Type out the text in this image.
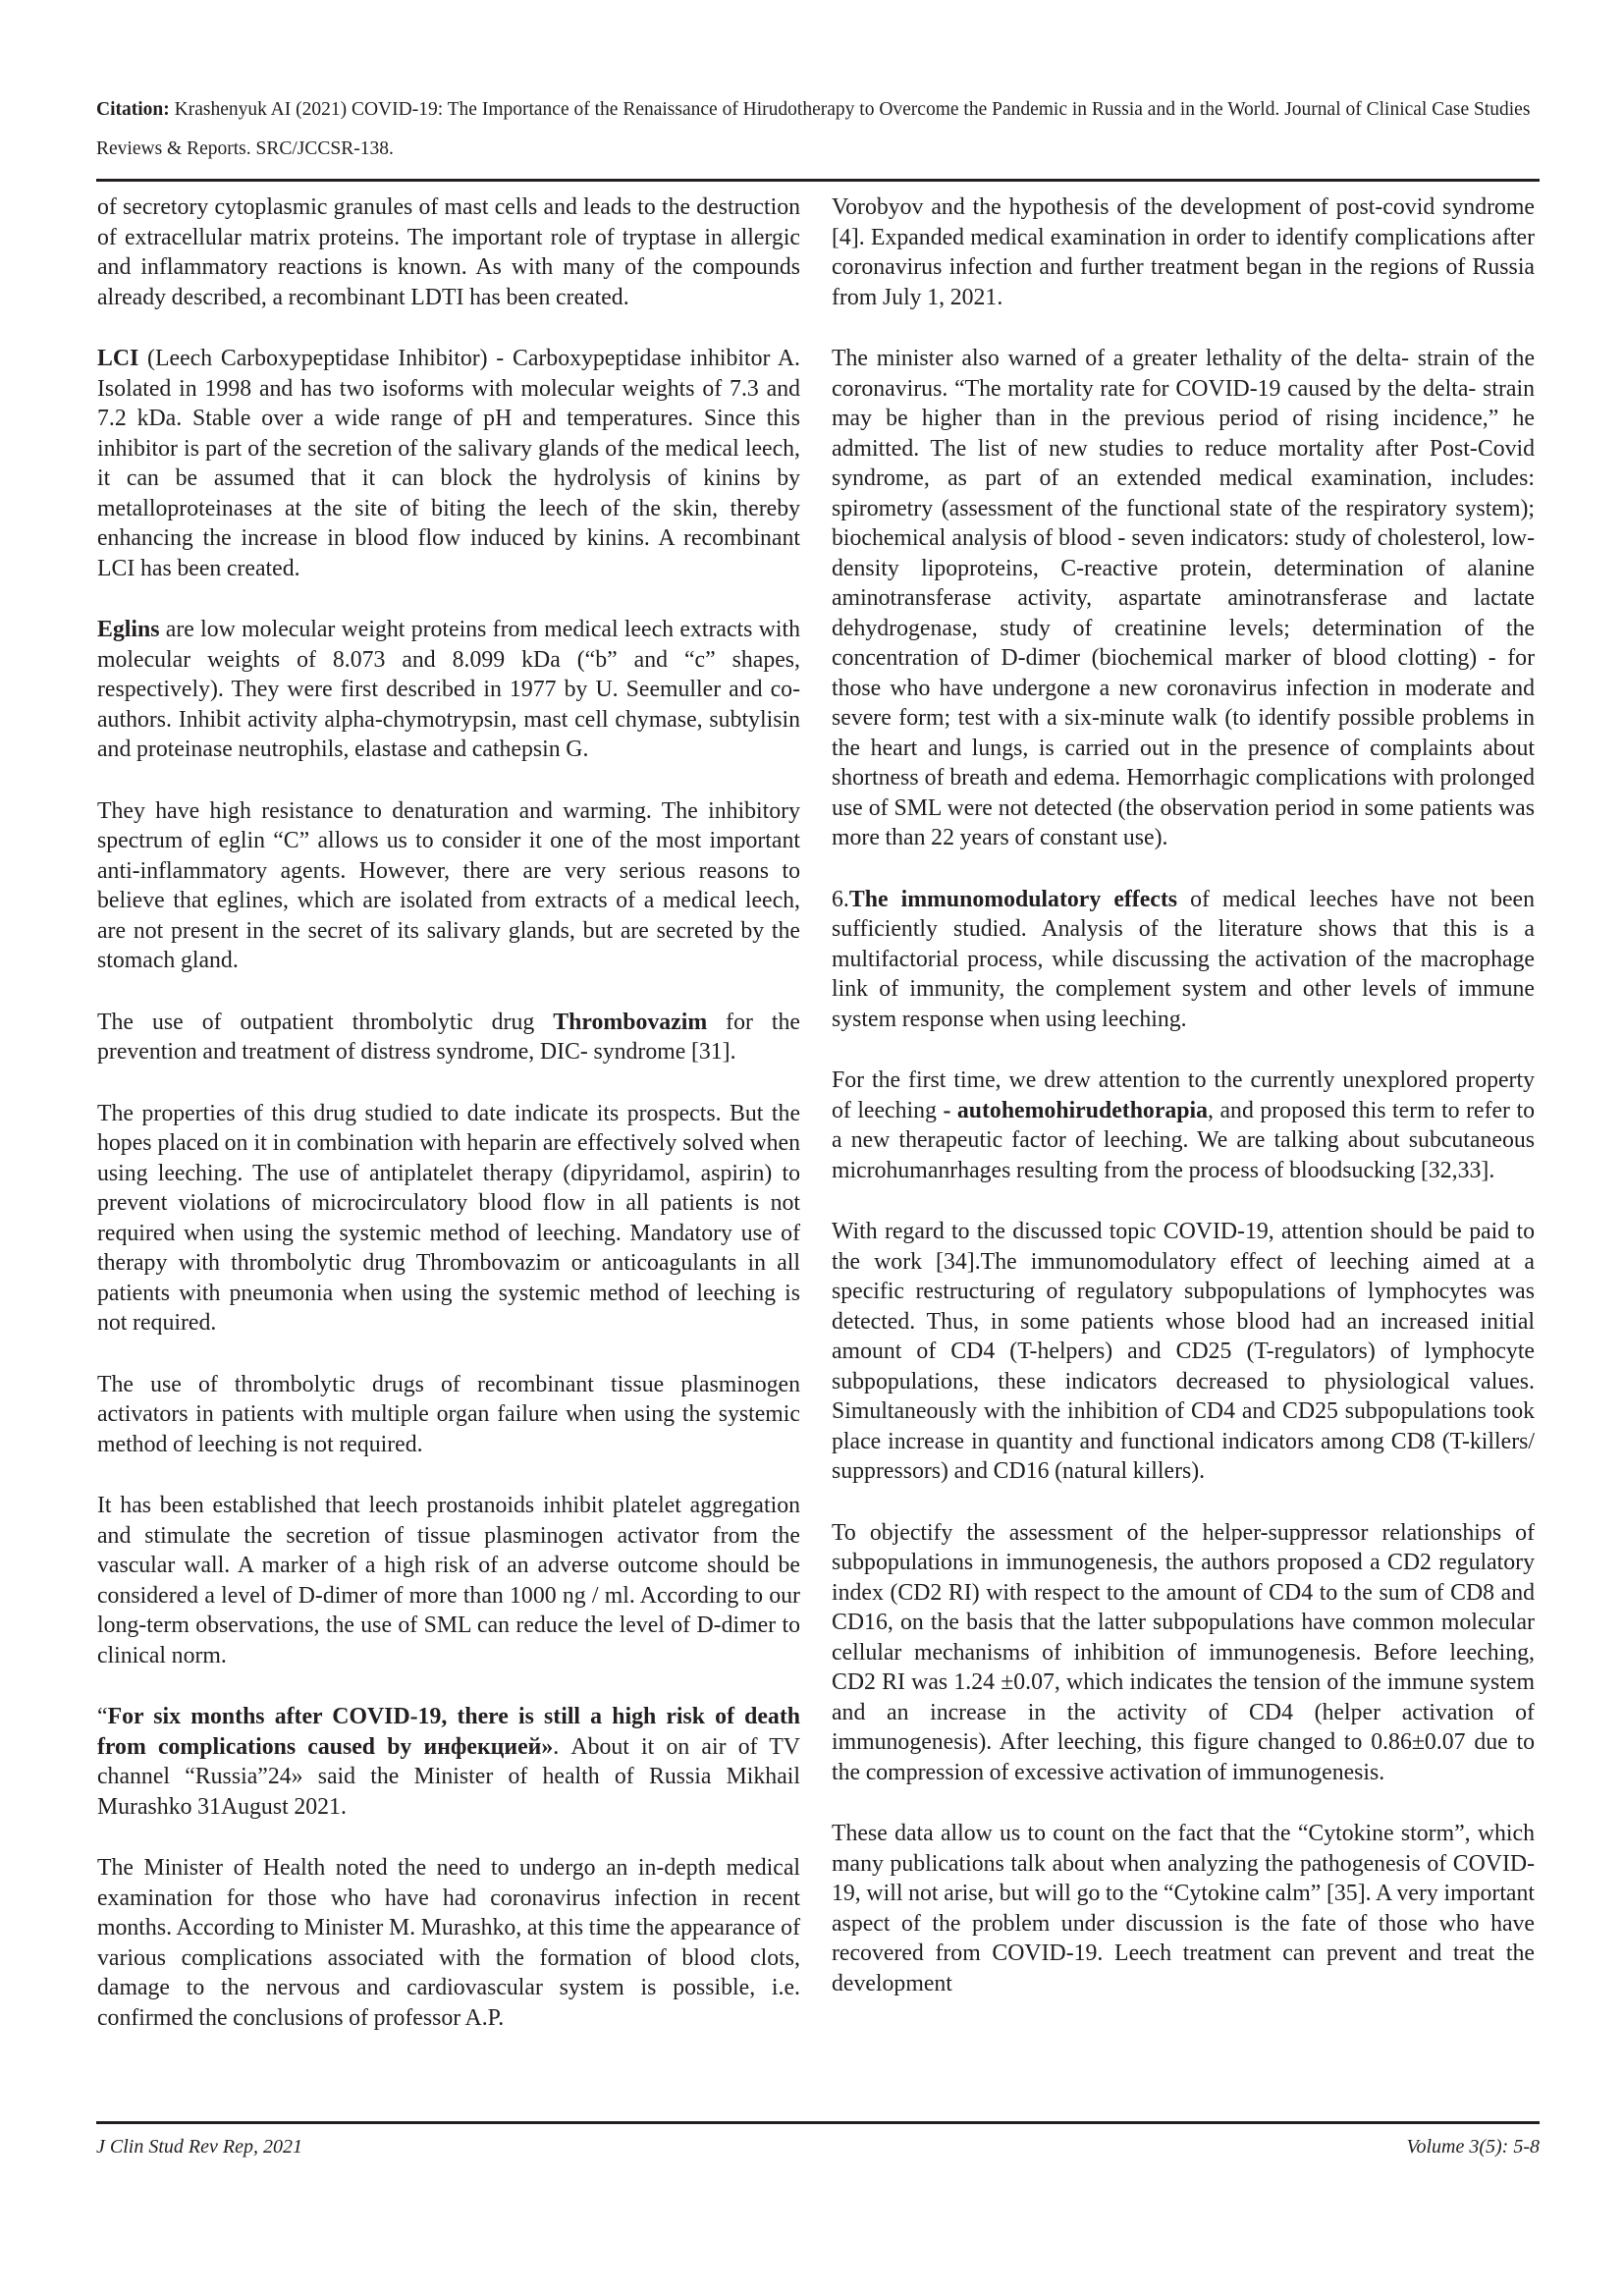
Citation: Krashenyuk AI (2021) COVID-19: The Importance of the Renaissance of Hirudotherapy to Overcome the Pandemic in Russia and in the World. Journal of Clinical Case Studies Reviews & Reports. SRC/JCCSR-138.

of secretory cytoplasmic granules of mast cells and leads to the destruction of extracellular matrix proteins. The important role of tryptase in allergic and inflammatory reactions is known. As with many of the compounds already described, a recombinant LDTI has been created.

LCI (Leech Carboxypeptidase Inhibitor) - Carboxypeptidase inhibitor A. Isolated in 1998 and has two isoforms with molecular weights of 7.3 and 7.2 kDa. Stable over a wide range of pH and temperatures. Since this inhibitor is part of the secretion of the salivary glands of the medical leech, it can be assumed that it can block the hydrolysis of kinins by metalloproteinases at the site of biting the leech of the skin, thereby enhancing the increase in blood flow induced by kinins. A recombinant LCI has been created.

Eglins are low molecular weight proteins from medical leech extracts with molecular weights of 8.073 and 8.099 kDa (“b” and “c” shapes, respectively). They were first described in 1977 by U. Seemuller and co-authors. Inhibit activity alpha-chymotrypsin, mast cell chymase, subtylisin and proteinase neutrophils, elastase and cathepsin G.

They have high resistance to denaturation and warming. The inhibitory spectrum of eglin “C” allows us to consider it one of the most important anti-inflammatory agents. However, there are very serious reasons to believe that eglines, which are isolated from extracts of a medical leech, are not present in the secret of its salivary glands, but are secreted by the stomach gland.

The use of outpatient thrombolytic drug Thrombovazim for the prevention and treatment of distress syndrome, DIC- syndrome [31].

The properties of this drug studied to date indicate its prospects. But the hopes placed on it in combination with heparin are effectively solved when using leeching. The use of antiplatelet therapy (dipyridamol, aspirin) to prevent violations of microcirculatory blood flow in all patients is not required when using the systemic method of leeching. Mandatory use of therapy with thrombolytic drug Thrombovazim or anticoagulants in all patients with pneumonia when using the systemic method of leeching is not required.

The use of thrombolytic drugs of recombinant tissue plasminogen activators in patients with multiple organ failure when using the systemic method of leeching is not required.

It has been established that leech prostanoids inhibit platelet aggregation and stimulate the secretion of tissue plasminogen activator from the vascular wall. A marker of a high risk of an adverse outcome should be considered a level of D-dimer of more than 1000 ng / ml. According to our long-term observations, the use of SML can reduce the level of D-dimer to clinical norm.

“For six months after COVID-19, there is still a high risk of death from complications caused by инфекцией». About it on air of TV channel “Russia”24» said the Minister of health of Russia Mikhail Murashko 31August 2021.

The Minister of Health noted the need to undergo an in-depth medical examination for those who have had coronavirus infection in recent months. According to Minister M. Murashko, at this time the appearance of various complications associated with the formation of blood clots, damage to the nervous and cardiovascular system is possible, i.e. confirmed the conclusions of professor A.P.

Vorobyov and the hypothesis of the development of post-covid syndrome [4]. Expanded medical examination in order to identify complications after coronavirus infection and further treatment began in the regions of Russia from July 1, 2021.

The minister also warned of a greater lethality of the delta- strain of the coronavirus. “The mortality rate for COVID-19 caused by the delta- strain may be higher than in the previous period of rising incidence,” he admitted. The list of new studies to reduce mortality after Post-Covid syndrome, as part of an extended medical examination, includes: spirometry (assessment of the functional state of the respiratory system); biochemical analysis of blood - seven indicators: study of cholesterol, low-density lipoproteins, C-reactive protein, determination of alanine aminotransferase activity, aspartate aminotransferase and lactate dehydrogenase, study of creatinine levels; determination of the concentration of D-dimer (biochemical marker of blood clotting) - for those who have undergone a new coronavirus infection in moderate and severe form; test with a six-minute walk (to identify possible problems in the heart and lungs, is carried out in the presence of complaints about shortness of breath and edema. Hemorrhagic complications with prolonged use of SML were not detected (the observation period in some patients was more than 22 years of constant use).

6.The immunomodulatory effects of medical leeches have not been sufficiently studied. Analysis of the literature shows that this is a multifactorial process, while discussing the activation of the macrophage link of immunity, the complement system and other levels of immune system response when using leeching.

For the first time, we drew attention to the currently unexplored property of leeching - autohemohirudethorapia, and proposed this term to refer to a new therapeutic factor of leeching. We are talking about subcutaneous microhumanrhages resulting from the process of bloodsucking [32,33].

With regard to the discussed topic COVID-19, attention should be paid to the work [34].The immunomodulatory effect of leeching aimed at a specific restructuring of regulatory subpopulations of lymphocytes was detected. Thus, in some patients whose blood had an increased initial amount of CD4 (T-helpers) and CD25 (T-regulators) of lymphocyte subpopulations, these indicators decreased to physiological values. Simultaneously with the inhibition of CD4 and CD25 subpopulations took place increase in quantity and functional indicators among CD8 (T-killers/ suppressors) and CD16 (natural killers).

To objectify the assessment of the helper-suppressor relationships of subpopulations in immunogenesis, the authors proposed a CD2 regulatory index (CD2 RI) with respect to the amount of CD4 to the sum of CD8 and CD16, on the basis that the latter subpopulations have common molecular cellular mechanisms of inhibition of immunogenesis. Before leeching, CD2 RI was 1.24 ±0.07, which indicates the tension of the immune system and an increase in the activity of CD4 (helper activation of immunogenesis). After leeching, this figure changed to 0.86±0.07 due to the compression of excessive activation of immunogenesis.

These data allow us to count on the fact that the “Cytokine storm”, which many publications talk about when analyzing the pathogenesis of COVID-19, will not arise, but will go to the “Cytokine calm” [35]. A very important aspect of the problem under discussion is the fate of those who have recovered from COVID-19. Leech treatment can prevent and treat the development

J Clin Stud Rev Rep, 2021	Volume 3(5): 5-8
